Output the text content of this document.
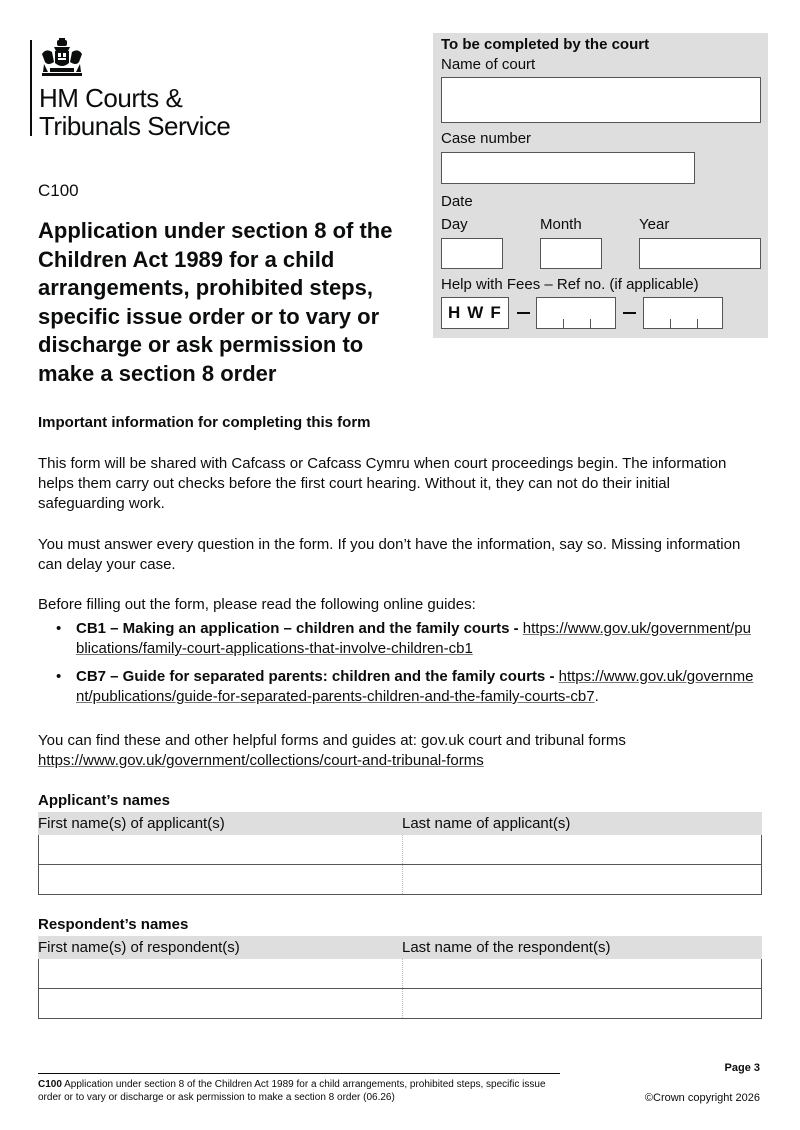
HM Courts &
Tribunals Service
C100
Application under section 8 of the Children Act 1989 for a child arrangements, prohibited steps, specific issue order or to vary or discharge or ask permission to make a section 8 order
To be completed by the court
Name of court
Case number
Date
Day	Month	Year
Help with Fees – Ref no. (if applicable)
HWF
Important information for completing this form
This form will be shared with Cafcass or Cafcass Cymru when court proceedings begin. The information helps them carry out checks before the first court hearing. Without it, they can not do their initial safeguarding work.
You must answer every question in the form. If you don’t have the information, say so. Missing information can delay your case.
Before filling out the form, please read the following online guides:
• CB1 – Making an application – children and the family courts - https://www.gov.uk/government/publications/family-court-applications-that-involve-children-cb1
• CB7 – Guide for separated parents: children and the family courts - https://www.gov.uk/government/publications/guide-for-separated-parents-children-and-the-family-courts-cb7.
You can find these and other helpful forms and guides at: gov.uk court and tribunal forms
https://www.gov.uk/government/collections/court-and-tribunal-forms
Applicant’s names
First name(s) of applicant(s)	Last name of applicant(s)
Respondent’s names
First name(s) of respondent(s)	Last name of the respondent(s)
Page 3
C100 Application under section 8 of the Children Act 1989 for a child arrangements, prohibited steps, specific issue order or to vary or discharge or ask permission to make a section 8 order (06.26)	©Crown copyright 2026
